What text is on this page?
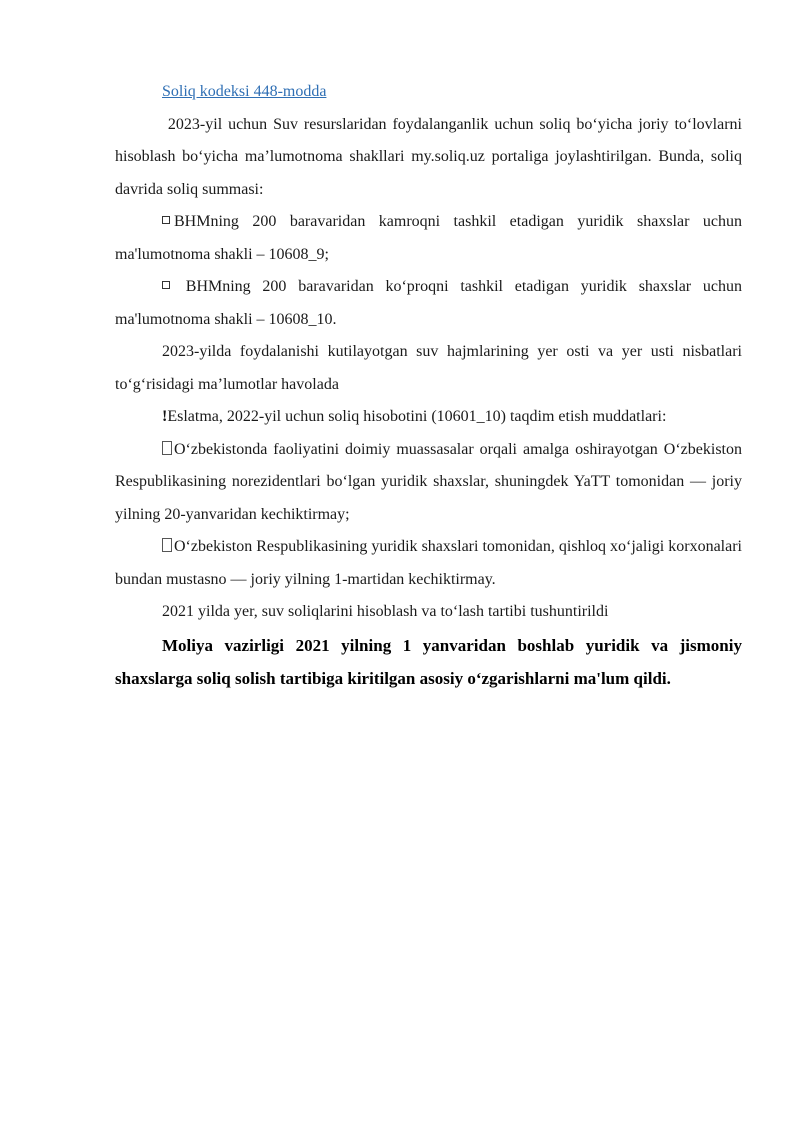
Soliq kodeksi 448-modda

2023-yil uchun Suv resurslaridan foydalanganlik uchun soliq bo‘yicha joriy to‘lovlarni hisoblash bo‘yicha ma’lumotnoma shakllari my.soliq.uz portaliga joylashtirilgan. Bunda, soliq davrida soliq summasi:

BHMning 200 baravaridan kamroqni tashkil etadigan yuridik shaxslar uchun ma'lumotnoma shakli – 10608_9;

BHMning 200 baravaridan ko‘proqni tashkil etadigan yuridik shaxslar uchun ma'lumotnoma shakli – 10608_10.

2023-yilda foydalanishi kutilayotgan suv hajmlarining yer osti va yer usti nisbatlari to‘g‘risidagi ma’lumotlar havolada

!Eslatma, 2022-yil uchun soliq hisobotini (10601_10) taqdim etish muddatlari:

O‘zbekistonda faoliyatini doimiy muassasalar orqali amalga oshirayotgan O‘zbekiston Respublikasining norezidentlari bo‘lgan yuridik shaxslar, shuningdek YaTT tomonidan — joriy yilning 20-yanvaridan kechiktirmay;

O‘zbekiston Respublikasining yuridik shaxslari tomonidan, qishloq xo‘jaligi korxonalari bundan mustasno — joriy yilning 1-martidan kechiktirmay.

2021 yilda yer, suv soliqlarini hisoblash va to‘lash tartibi tushuntirildi

Moliya vazirligi 2021 yilning 1 yanvaridan boshlab yuridik va jismoniy shaxslarga soliq solish tartibiga kiritilgan asosiy o‘zgarishlarni ma'lum qildi.
